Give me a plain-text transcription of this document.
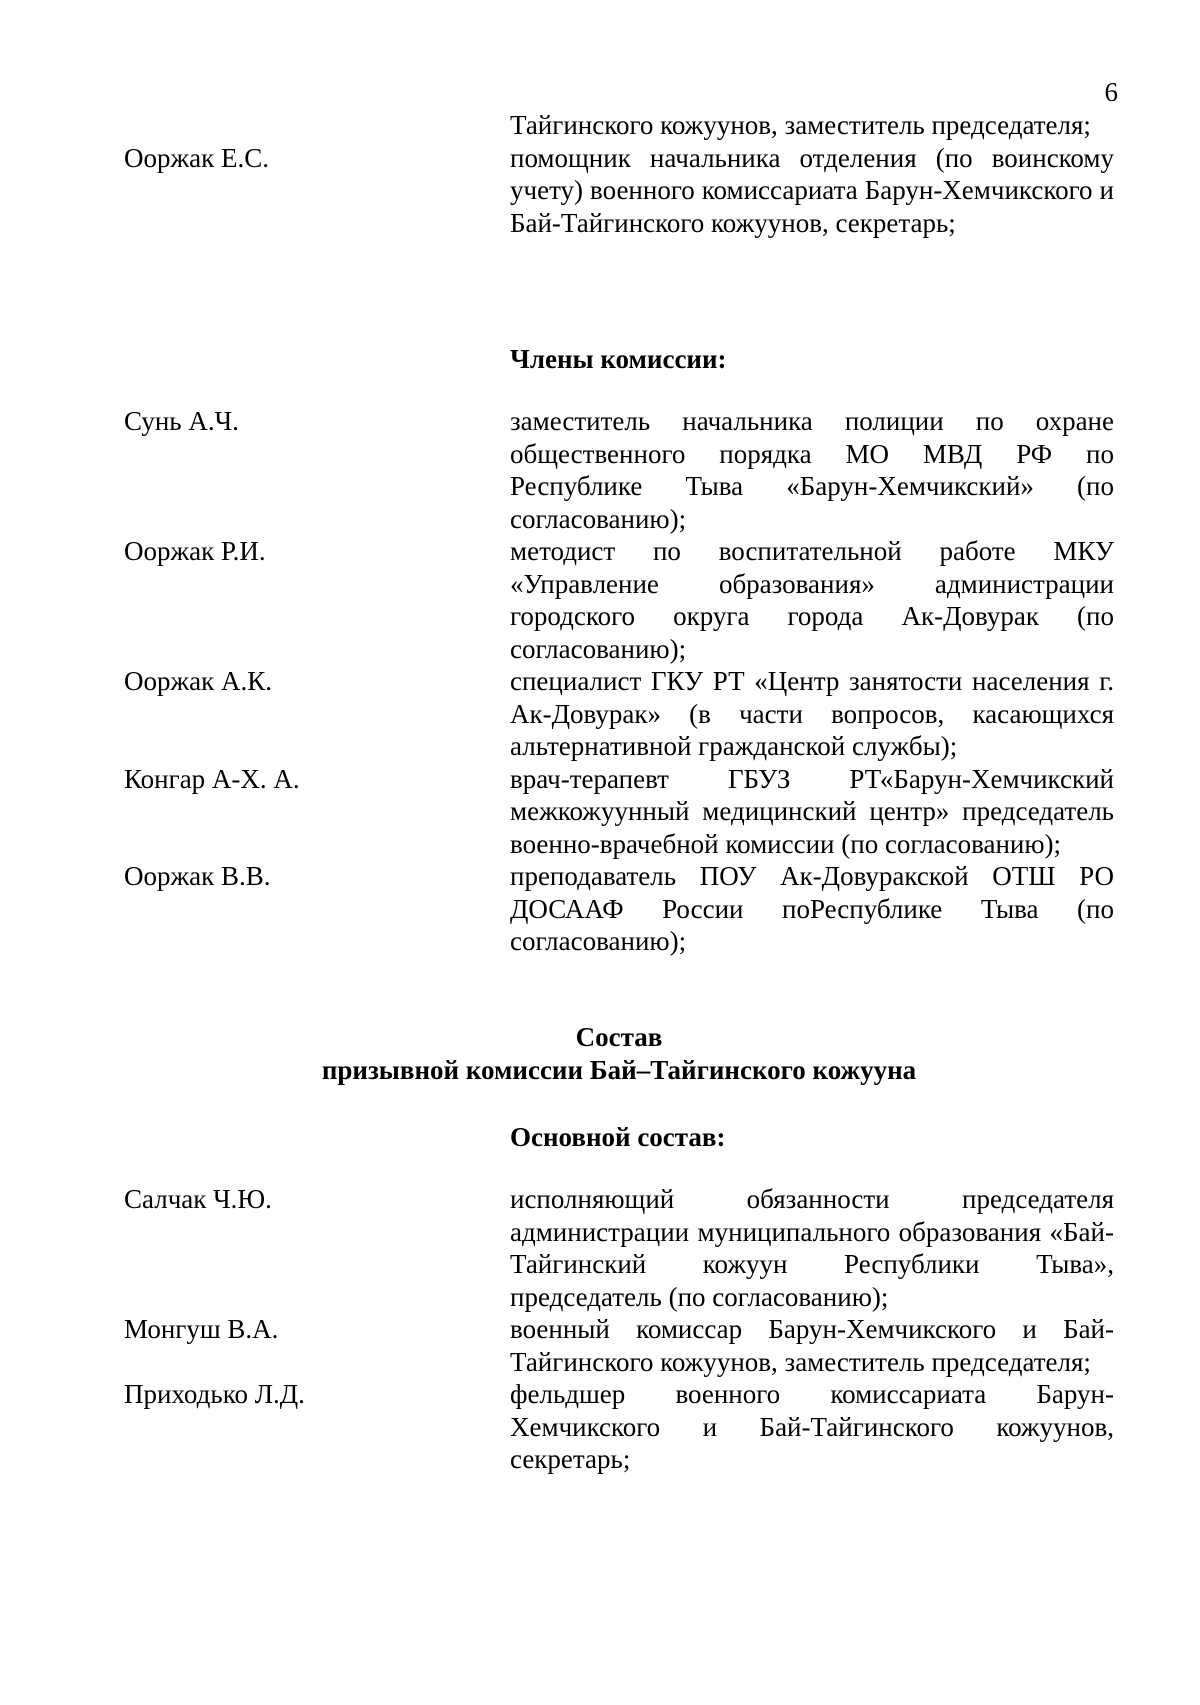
6
Тайгинского кожуунов, заместитель председателя;
Ооржак Е.С.	помощник начальника отделения (по воинскому учету) военного комиссариата Барун-Хемчикского и Бай-Тайгинского кожуунов, секретарь;
Члены комиссии:
Сунь А.Ч.	заместитель начальника полиции по охране общественного порядка МО МВД РФ по Республике Тыва «Барун-Хемчикский» (по согласованию);
Ооржак Р.И.	методист по воспитательной работе МКУ «Управление образования» администрации городского округа города Ак-Довурак (по согласованию);
Ооржак А.К.	специалист ГКУ РТ «Центр занятости населения г. Ак-Довурак» (в части вопросов, касающихся альтернативной гражданской службы);
Конгар А-Х. А.	врач-терапевт ГБУЗ РТ«Барун-Хемчикский межкожуунный медицинский центр» председатель военно-врачебной комиссии (по согласованию);
Ооржак В.В.	преподаватель ПОУ Ак-Довуракской ОТШ РО ДОСААФ России поРеспублике Тыва (по согласованию);
Состав
призывной комиссии Бай–Тайгинского кожууна
Основной состав:
Салчак Ч.Ю.	исполняющий обязанности председателя администрации муниципального образования «Бай-Тайгинский кожуун Республики Тыва», председатель (по согласованию);
Монгуш В.А.	военный комиссар Барун-Хемчикского и Бай-Тайгинского кожуунов, заместитель председателя;
Приходько Л.Д.	фельдшер военного комиссариата Барун-Хемчикского и Бай-Тайгинского кожуунов, секретарь;
